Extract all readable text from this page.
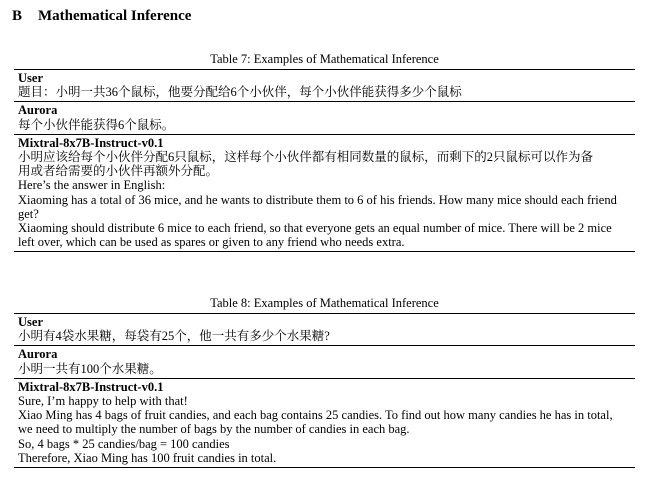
B Mathematical Inference
Table 7: Examples of Mathematical Inference
User
题目：小明一共36个鼠标，他要分配给6个小伙伴，每个小伙伴能获得多少个鼠标
Aurora
每个小伙伴能获得6个鼠标。
Mixtral-8x7B-Instruct-v0.1
小明应该给每个小伙伴分配6只鼠标，这样每个小伙伴都有相同数量的鼠标，而剩下的2只鼠标可以作为备
用或者给需要的小伙伴再额外分配。
Here’s the answer in English:
Xiaoming has a total of 36 mice, and he wants to distribute them to 6 of his friends. How many mice should each friend
get?
Xiaoming should distribute 6 mice to each friend, so that everyone gets an equal number of mice. There will be 2 mice
left over, which can be used as spares or given to any friend who needs extra.
Table 8: Examples of Mathematical Inference
User
小明有4袋水果糖，每袋有25个，他一共有多少个水果糖?
Aurora
小明一共有100个水果糖。
Mixtral-8x7B-Instruct-v0.1
Sure, I’m happy to help with that!
Xiao Ming has 4 bags of fruit candies, and each bag contains 25 candies. To find out how many candies he has in total,
we need to multiply the number of bags by the number of candies in each bag.
So, 4 bags * 25 candies/bag = 100 candies
Therefore, Xiao Ming has 100 fruit candies in total.
